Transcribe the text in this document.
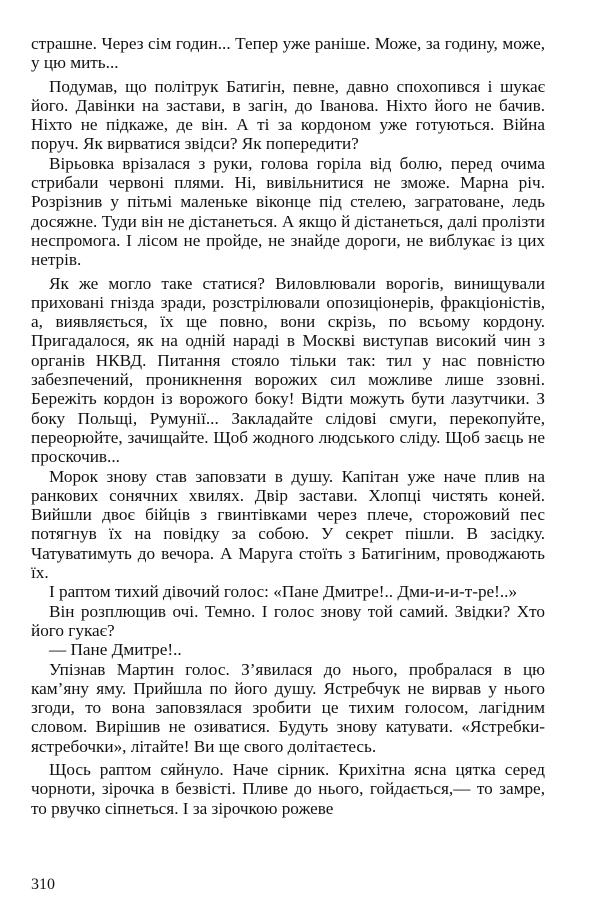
страшне. Через сім годин... Тепер уже раніше. Може, за годину, може, у цю мить...

Подумав, що політрук Батигін, певне, давно спохопився і шукає його. Давінки на застави, в загін, до Іванова. Ніхто його не бачив. Ніхто не підкаже, де він. А ті за кордоном уже готуються. Війна поруч. Як вирватися звідси? Як попередити?

Вірьовка врізалася з руки, голова горіла від болю, перед очима стрибали червоні плями. Ні, вивільнитися не зможе. Марна річ. Розрізнив у пітьмі маленьке віконце під стелею, загратоване, ледь досяжне. Туди він не дістанеться. А якщо й дістанеться, далі пролізти неспромога. І лісом не пройде, не знайде дороги, не виблукає із цих нетрів.

Як же могло таке статися? Виловлювали ворогів, винищували приховані гнізда зради, розстрілювали опозиціонерів, фракціоністів, а, виявляється, їх ще повно, вони скрізь, по всьому кордону. Пригадалося, як на одній нараді в Москві виступав високий чин з органів НКВД. Питання стояло тільки так: тил у нас повністю забезпечений, проникнення ворожих сил можливе лише ззовні. Бережіть кордон із ворожого боку! Відти можуть бути лазутчики. З боку Польщі, Румунії... Закладайте слідові смуги, перекопуйте, переорюйте, зачищайте. Щоб жодного людського сліду. Щоб заєць не проскочив...

Морок знову став заповзати в душу. Капітан уже наче плив на ранкових сонячних хвилях. Двір застави. Хлопці чистять коней. Вийшли двоє бійців з гвинтівками через плече, сторожовий пес потягнув їх на повідку за собою. У секрет пішли. В засідку. Чатуватимуть до вечора. А Маруга стоїть з Батигіним, проводжають їх.

І раптом тихий дівочий голос: «Пане Дмитре!.. Дми-и-и-т-ре!..»

Він розплющив очі. Темно. І голос знову той самий. Звідки? Хто його гукає?

— Пане Дмитре!..

Упізнав Мартин голос. З’явилася до нього, пробралася в цю кам’яну яму. Прийшла по його душу. Ястребчук не вирвав у нього згоди, то вона заповзялася зробити це тихим голосом, лагідним словом. Вирішив не озиватися. Будуть знову катувати. «Ястребки-ястребочки», літайте! Ви ще свого долітаєтесь.

Щось раптом сяйнуло. Наче сірник. Крихітна ясна цятка серед чорноти, зірочка в безвісті. Пливе до нього, гойдається,— то замре, то рвучко сіпнеться. І за зірочкою рожеве

310
